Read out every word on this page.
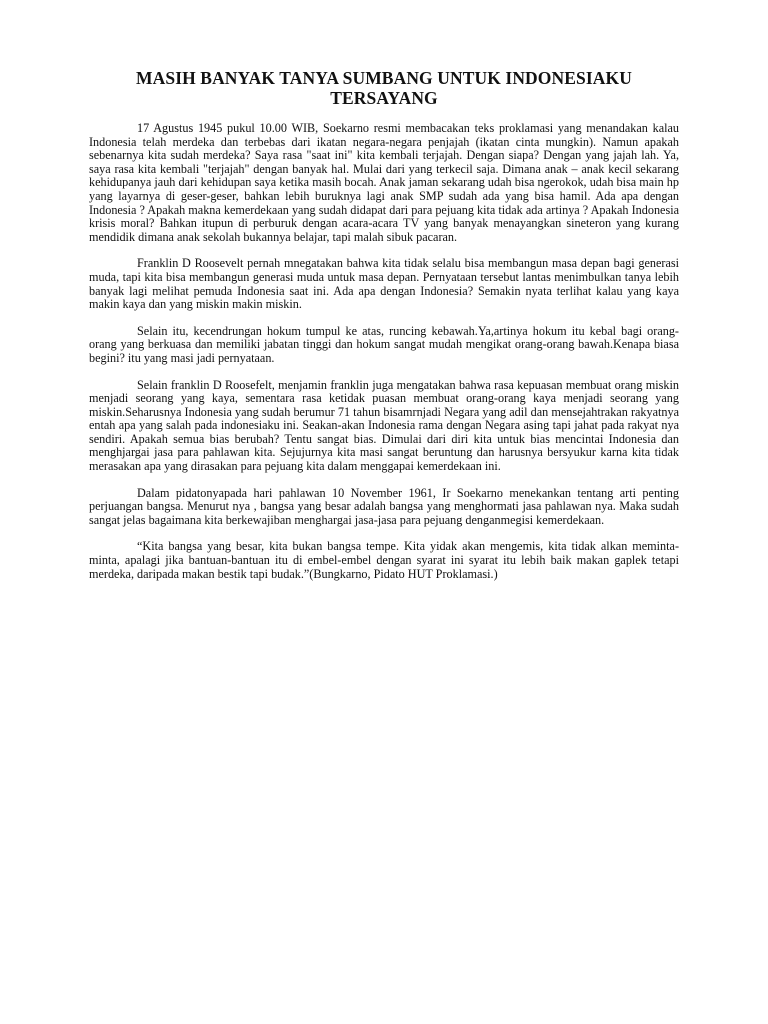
MASIH BANYAK TANYA SUMBANG UNTUK INDONESIAKU TERSAYANG

17 Agustus 1945 pukul 10.00 WIB, Soekarno resmi membacakan teks proklamasi yang menandakan kalau Indonesia telah merdeka dan terbebas dari ikatan negara-negara penjajah (ikatan cinta mungkin). Namun apakah sebenarnya kita sudah merdeka? Saya rasa "saat ini" kita kembali terjajah. Dengan siapa? Dengan yang jajah lah. Ya, saya rasa kita kembali "terjajah" dengan banyak hal. Mulai dari yang terkecil saja. Dimana anak – anak kecil sekarang kehidupanya jauh dari kehidupan saya ketika masih bocah. Anak jaman sekarang udah bisa ngerokok, udah bisa main hp yang layarnya di geser-geser, bahkan lebih buruknya lagi anak SMP sudah ada yang bisa hamil. Ada apa dengan Indonesia ? Apakah makna kemerdekaan yang sudah didapat dari para pejuang kita tidak ada artinya ? Apakah Indonesia krisis moral? Bahkan itupun di perburuk dengan acara-acara TV yang banyak menayangkan sineteron yang kurang mendidik dimana anak sekolah bukannya belajar, tapi malah sibuk pacaran.

Franklin D Roosevelt pernah mnegatakan bahwa kita tidak selalu bisa membangun masa depan bagi generasi muda, tapi kita bisa membangun generasi muda untuk masa depan. Pernyataan tersebut lantas menimbulkan tanya lebih banyak lagi melihat pemuda Indonesia saat ini. Ada apa dengan Indonesia? Semakin nyata terlihat kalau yang kaya makin kaya dan yang miskin makin miskin.

Selain itu, kecendrungan hokum tumpul ke atas, runcing kebawah.Ya,artinya hokum itu kebal bagi orang-orang yang berkuasa dan memiliki jabatan tinggi dan hokum sangat mudah mengikat orang-orang bawah.Kenapa biasa begini? itu yang masi jadi pernyataan.

Selain franklin D Roosefelt, menjamin franklin juga mengatakan bahwa rasa kepuasan membuat orang miskin menjadi seorang yang kaya, sementara rasa ketidak puasan membuat orang-orang kaya menjadi seorang yang miskin.Seharusnya Indonesia yang sudah berumur 71 tahun bisamrnjadi Negara yang adil dan mensejahtrakan rakyatnya entah apa yang salah pada indonesiaku ini. Seakan-akan Indonesia rama dengan Negara asing tapi jahat pada rakyat nya sendiri. Apakah semua bias berubah? Tentu sangat bias. Dimulai dari diri kita untuk bias mencintai Indonesia dan menghjargai jasa para pahlawan kita. Sejujurnya kita masi sangat beruntung dan harusnya bersyukur karna kita tidak merasakan apa yang dirasakan para pejuang kita dalam menggapai kemerdekaan ini.

Dalam pidatonyapada hari pahlawan 10 November 1961, Ir Soekarno menekankan tentang arti penting perjuangan bangsa. Menurut nya , bangsa yang besar adalah bangsa yang menghormati jasa pahlawan nya. Maka sudah sangat jelas bagaimana kita berkewajiban menghargai jasa-jasa para pejuang denganmegisi kemerdekaan.

“Kita bangsa yang besar, kita bukan bangsa tempe. Kita yidak akan mengemis, kita tidak alkan meminta-minta, apalagi jika bantuan-bantuan itu di embel-embel dengan syarat ini syarat itu lebih baik makan gaplek tetapi merdeka, daripada makan bestik tapi budak.”(Bungkarno, Pidato HUT Proklamasi.)
